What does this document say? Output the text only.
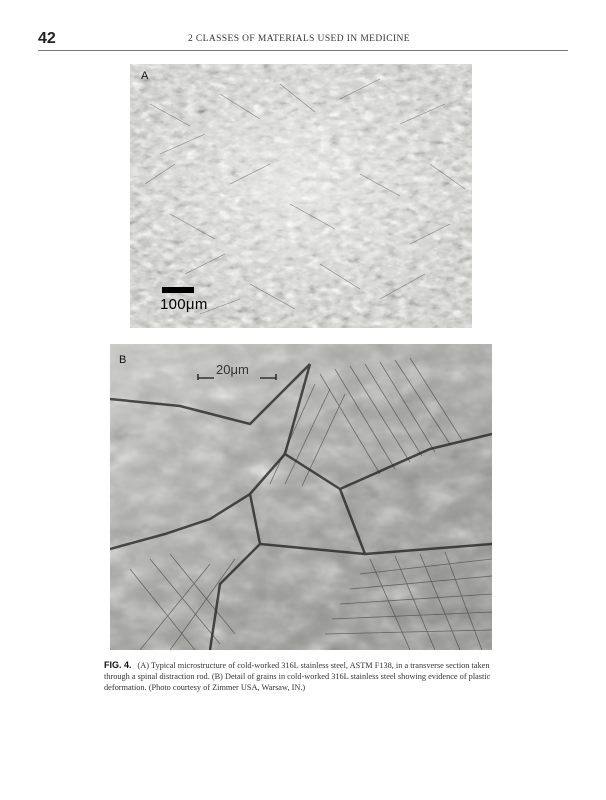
42	2 CLASSES OF MATERIALS USED IN MEDICINE
A
100μm
B
20μm

FIG. 4. (A) Typical microstructure of cold-worked 316L stainless steel, ASTM F138, in a transverse section taken through a spinal distraction rod. (B) Detail of grains in cold-worked 316L stainless steel showing evidence of plastic deformation. (Photo courtesy of Zimmer USA, Warsaw, IN.)
